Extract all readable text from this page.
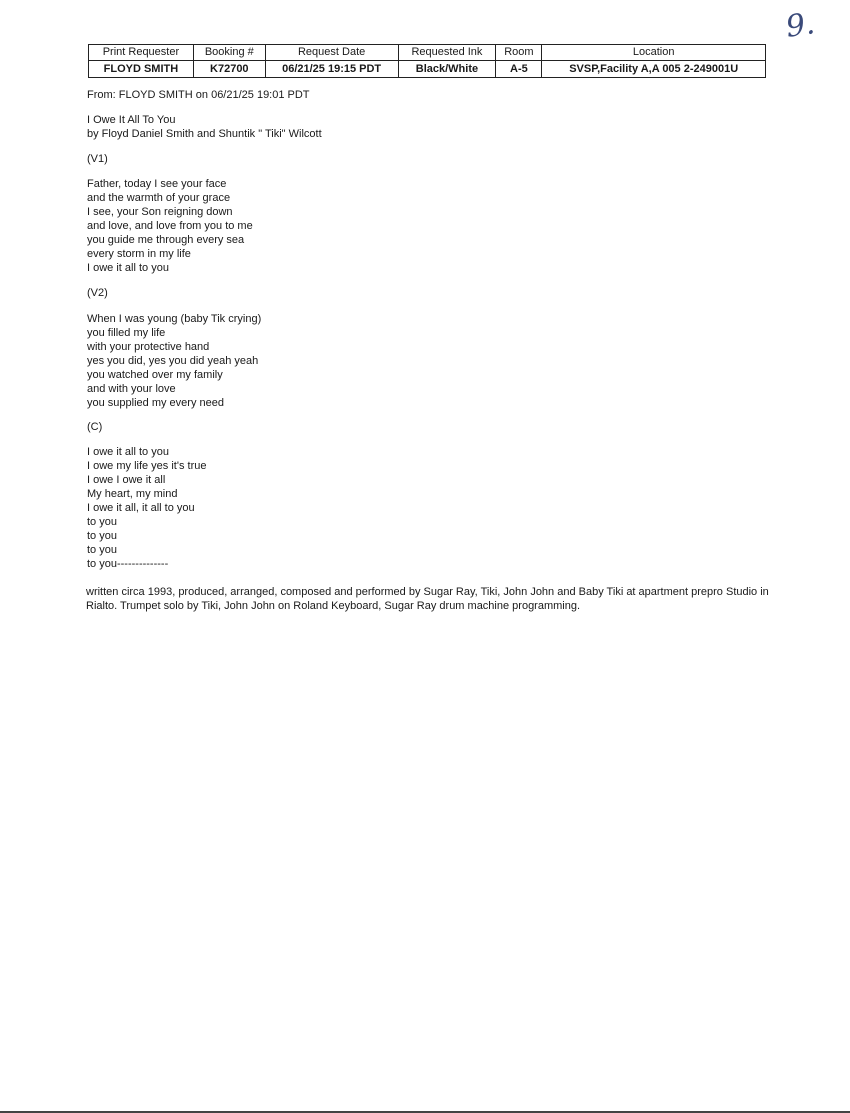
9.
Print Requester	Booking #	Request Date	Requested Ink	Room	Location
FLOYD SMITH	K72700	06/21/25 19:15 PDT	Black/White	A-5	SVSP,Facility A,A 005 2-249001U
From: FLOYD SMITH on 06/21/25 19:01 PDT
I Owe It All To You
by Floyd Daniel Smith and Shuntik " Tiki" Wilcott
(V1)
Father, today I see your face
and the warmth of your grace
I see, your Son reigning down
and love, and love from you to me
you guide me through every sea
every storm in my life
I owe it all to you
(V2)
When I was young (baby Tik crying)
you filled my life
with your protective hand
yes you did, yes you did yeah yeah
you watched over my family
and with your love
you supplied my every need
(C)
I owe it all to you
I owe my life yes it's true
I owe I owe it all
My heart, my mind
I owe it all, it all to you
to you
to you
to you
to you--------------
written circa 1993, produced, arranged, composed and performed by Sugar Ray, Tiki, John John and Baby Tiki at apartment prepro Studio in
Rialto. Trumpet solo by Tiki, John John on Roland Keyboard, Sugar Ray drum machine programming.
